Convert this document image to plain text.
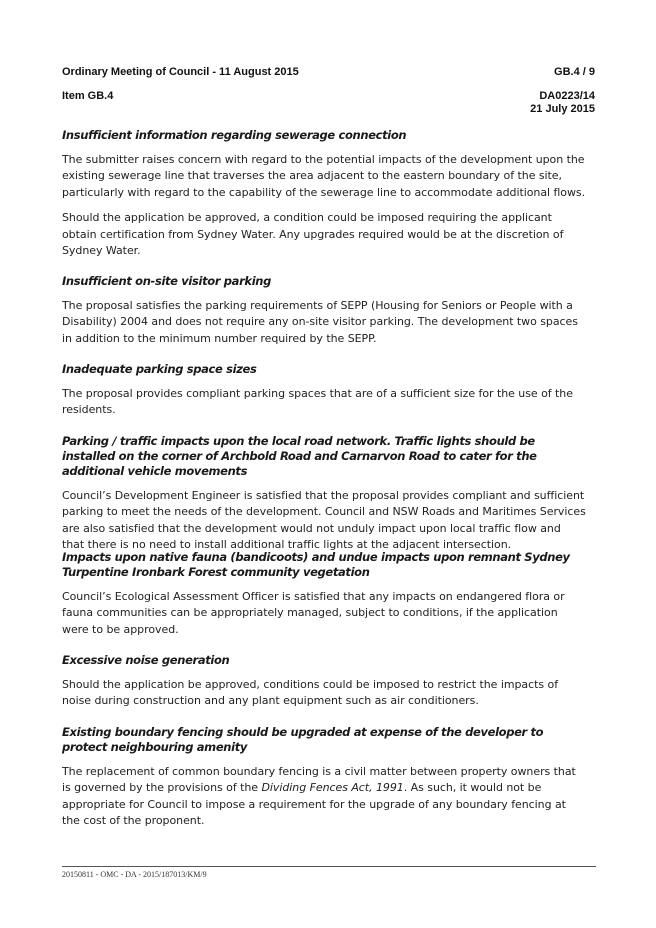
Ordinary Meeting of Council - 11 August 2015	GB.4 / 9
Item GB.4	DA0223/14
21 July 2015
Insufficient information regarding sewerage connection
The submitter raises concern with regard to the potential impacts of the development upon the existing sewerage line that traverses the area adjacent to the eastern boundary of the site, particularly with regard to the capability of the sewerage line to accommodate additional flows.
Should the application be approved, a condition could be imposed requiring the applicant obtain certification from Sydney Water. Any upgrades required would be at the discretion of Sydney Water.
Insufficient on-site visitor parking
The proposal satisfies the parking requirements of SEPP (Housing for Seniors or People with a Disability) 2004 and does not require any on-site visitor parking. The development two spaces in addition to the minimum number required by the SEPP.
Inadequate parking space sizes
The proposal provides compliant parking spaces that are of a sufficient size for the use of the residents.
Parking / traffic impacts upon the local road network. Traffic lights should be installed on the corner of Archbold Road and Carnarvon Road to cater for the additional vehicle movements
Council’s Development Engineer is satisfied that the proposal provides compliant and sufficient parking to meet the needs of the development. Council and NSW Roads and Maritimes Services are also satisfied that the development would not unduly impact upon local traffic flow and that there is no need to install additional traffic lights at the adjacent intersection.
Impacts upon native fauna (bandicoots) and undue impacts upon remnant Sydney Turpentine Ironbark Forest community vegetation
Council’s Ecological Assessment Officer is satisfied that any impacts on endangered flora or fauna communities can be appropriately managed, subject to conditions, if the application were to be approved.
Excessive noise generation
Should the application be approved, conditions could be imposed to restrict the impacts of noise during construction and any plant equipment such as air conditioners.
Existing boundary fencing should be upgraded at expense of the developer to protect neighbouring amenity
The replacement of common boundary fencing is a civil matter between property owners that is governed by the provisions of the Dividing Fences Act, 1991. As such, it would not be appropriate for Council to impose a requirement for the upgrade of any boundary fencing at the cost of the proponent.
20150811 - OMC - DA - 2015/187013/KM/9
